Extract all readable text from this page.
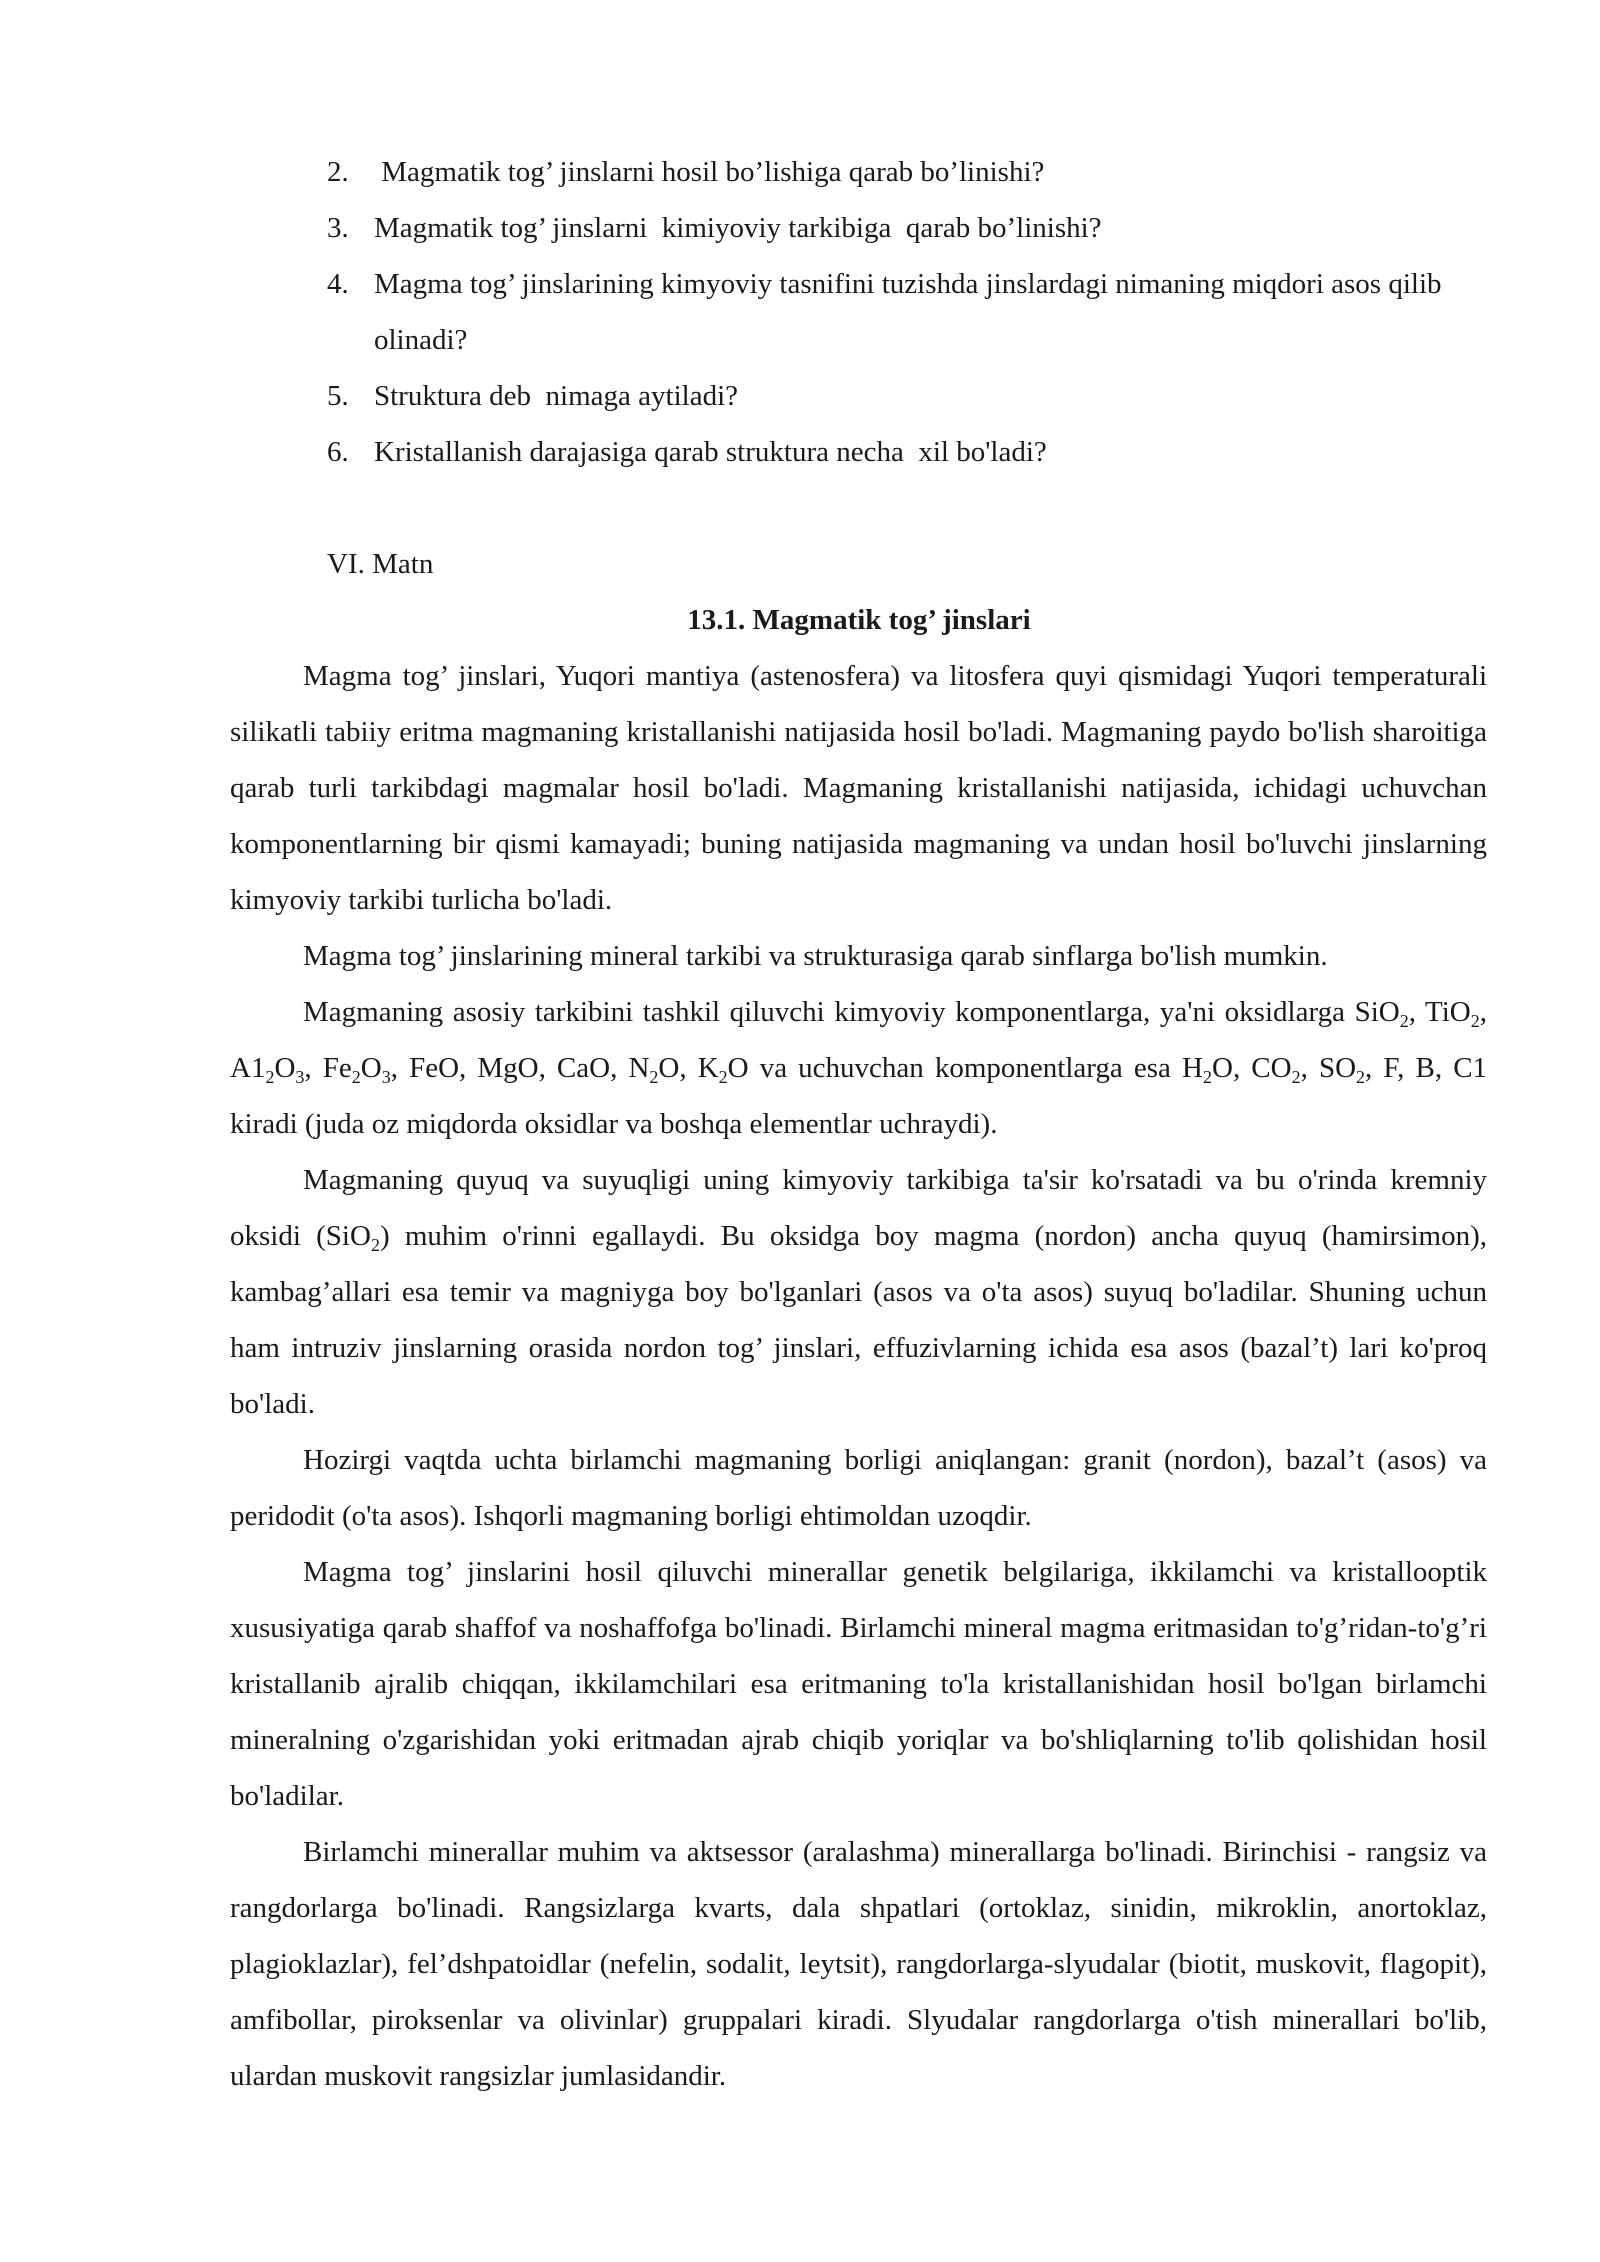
2. Magmatik tog’ jinslarni hosil bo’lishiga qarab bo’linishi?
3. Magmatik tog’ jinslarni  kimiyoviy tarkibiga  qarab bo’linishi?
4. Magma tog’ jinslarining kimyoviy tasnifini tuzishda jinslardagi nimaning miqdori asos qilib olinadi?
5. Struktura deb  nimaga aytiladi?
6. Kristallanish darajasiga qarab struktura necha  xil bo'ladi?
VI. Matn
13.1. Magmatik tog’ jinslari

Magma tog’ jinslari, Yuqori mantiya (astenosfera) va litosfera quyi qismidagi Yuqori temperaturali silikatli tabiiy eritma magmaning kristallanishi natijasida hosil bo'ladi. Magmaning paydo bo'lish sharoitiga qarab turli tarkibdagi magmalar hosil bo'ladi. Magmaning kristallanishi natijasida, ichidagi uchuvchan komponentlarning bir qismi kamayadi; buning natijasida magmaning va undan hosil bo'luvchi jinslarning kimyoviy tarkibi turlicha bo'ladi.

Magma tog’ jinslarining mineral tarkibi va strukturasiga qarab sinflarga bo'lish mumkin.

Magmaning asosiy tarkibini tashkil qiluvchi kimyoviy komponentlarga, ya'ni oksidlarga SiO$_2$, TiO$_2$, $A1_2O_3$, $Fe_2O_3$, FeO, MgO, CaO, $N_2O$, $K_2O$ va uchuvchan komponentlarga esa $H_2O$, $CO_2$, $SO_2$, F, B, C1 kiradi (juda oz miqdorda oksidlar va boshqa elementlar uchraydi).

Magmaning quyuq va suyuqligi uning kimyoviy tarkibiga ta'sir ko'rsatadi va bu o'rinda kremniy oksidi (SiO$_2$) muhim o'rinni egallaydi. Bu oksidga boy magma (nordon) ancha quyuq (hamirsimon), kambag’allari esa temir va magniyga boy bo'lganlari (asos va o'ta asos) suyuq bo'ladilar. Shuning uchun ham intruziv jinslarning orasida nordon tog’ jinslari, effuzivlarning ichida esa asos (bazal’t) lari ko'proq bo'ladi.

Hozirgi vaqtda uchta birlamchi magmaning borligi aniqlangan: granit (nordon), bazal’t (asos) va peridodit (o'ta asos). Ishqorli magmaning borligi ehtimoldan uzoqdir.

Magma tog’ jinslarini hosil qiluvchi minerallar genetik belgilariga, ikkilamchi va kristallooptik xususiyatiga qarab shaffof va noshaffofga bo'linadi. Birlamchi mineral magma eritmasidan to'g’ridan-to'g’ri kristallanib ajralib chiqqan, ikkilamchilari esa eritmaning to'la kristallanishidan hosil bo'lgan birlamchi mineralning o'zgarishidan yoki eritmadan ajrab chiqib yoriqlar va bo'shliqlarning to'lib qolishidan hosil bo'ladilar.

Birlamchi minerallar muhim va aktsessor (aralashma) minerallarga bo'linadi. Birinchisi - rangsiz va rangdorlarga bo'linadi. Rangsizlarga kvarts, dala shpatlari (ortoklaz, sinidin, mikroklin, anortoklaz, plagioklazlar), fel’dshpatoidlar (nefelin, sodalit, leytsit), rangdorlarga-slyudalar (biotit, muskovit, flagopit), amfibollar, piroksenlar va olivinlar) gruppalari kiradi. Slyudalar rangdorlarga o'tish minerallari bo'lib, ulardan muskovit rangsizlar jumlasidandir.
